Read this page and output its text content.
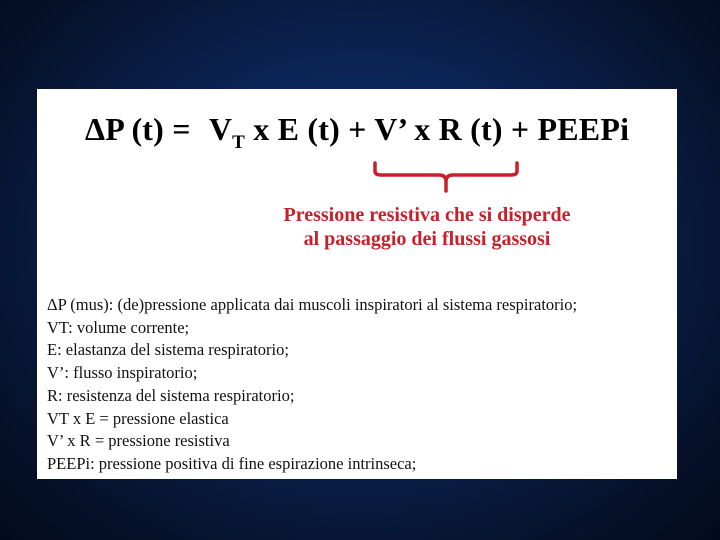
ΔP $(t) = V_T$ x E (t) + V’ x R (t) + PEEPi
Pressione resistiva che si disperde
al passaggio dei flussi gassosi
ΔP (mus): (de)pressione applicata dai muscoli inspiratori al sistema respiratorio;
VT: volume corrente;
E: elastanza del sistema respiratorio;
V’: flusso inspiratorio;
R: resistenza del sistema respiratorio;
VT x E = pressione elastica
V’ x R = pressione resistiva
PEEPi: pressione positiva di fine espirazione intrinseca;
